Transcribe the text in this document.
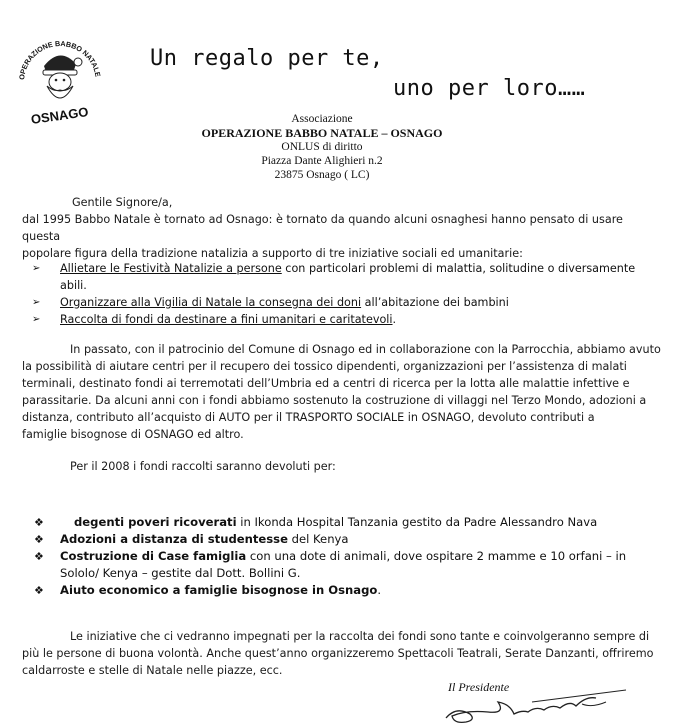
OPERAZIONE BABBO NATALE
OSNAGO
Un regalo per te,
uno per loro……
Associazione
OPERAZIONE BABBO NATALE – OSNAGO
ONLUS di diritto
Piazza Dante Alighieri n.2
23875 Osnago ( LC)
Gentile Signore/a,
dal 1995 Babbo Natale è tornato ad Osnago: è tornato da quando alcuni osnaghesi hanno pensato di usare questa
popolare figura della tradizione natalizia a supporto di tre iniziative sociali ed umanitarie:
➢ Allietare le Festività Natalizie a persone con particolari problemi di malattia, solitudine o diversamente
abili.
➢ Organizzare alla Vigilia di Natale la consegna dei doni all’abitazione dei bambini
➢ Raccolta di fondi da destinare a fini umanitari e caritatevoli.
In passato, con il patrocinio del Comune di Osnago ed in collaborazione con la Parrocchia, abbiamo avuto
la possibilità di aiutare centri per il recupero dei tossico dipendenti, organizzazioni per l’assistenza di malati
terminali, destinato fondi ai terremotati dell’Umbria ed a centri di ricerca per la lotta alle malattie infettive e
parassitarie. Da alcuni anni con i fondi abbiamo sostenuto la costruzione di villaggi nel Terzo Mondo, adozioni a
distanza, contributo all’acquisto di AUTO per il TRASPORTO SOCIALE in OSNAGO, devoluto contributi a
famiglie bisognose di OSNAGO ed altro.
Per il 2008 i fondi raccolti saranno devoluti per:
❖	degenti poveri ricoverati in Ikonda Hospital Tanzania gestito da Padre Alessandro Nava
❖ Adozioni a distanza di studentesse del Kenya
❖ Costruzione di Case famiglia con una dote di animali, dove ospitare 2 mamme e 10 orfani – in
Sololo/ Kenya – gestite dal Dott. Bollini G.
❖ Aiuto economico a famiglie bisognose in Osnago.
Le iniziative che ci vedranno impegnati per la raccolta dei fondi sono tante e coinvolgeranno sempre di
più le persone di buona volontà. Anche quest’anno organizzeremo Spettacoli Teatrali, Serate Danzanti, offriremo
caldarroste e stelle di Natale nelle piazze, ecc.
Il Presidente
